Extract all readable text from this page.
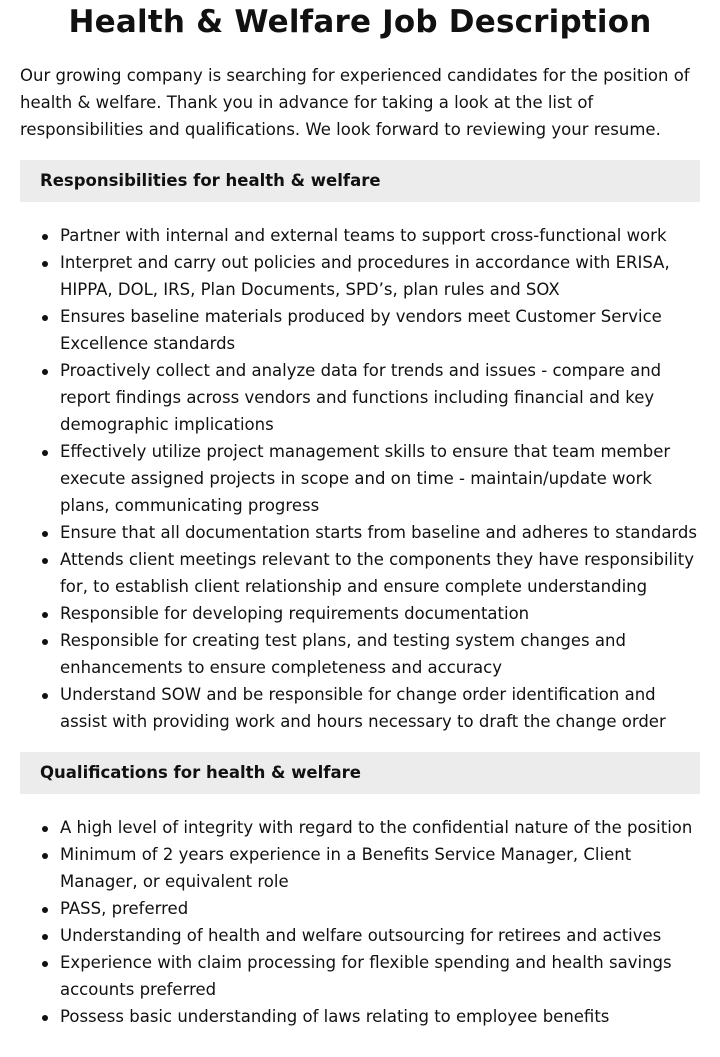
Health & Welfare Job Description

Our growing company is searching for experienced candidates for the position of health & welfare. Thank you in advance for taking a look at the list of responsibilities and qualifications. We look forward to reviewing your resume.

Responsibilities for health & welfare
Partner with internal and external teams to support cross-functional work
Interpret and carry out policies and procedures in accordance with ERISA, HIPPA, DOL, IRS, Plan Documents, SPD’s, plan rules and SOX
Ensures baseline materials produced by vendors meet Customer Service Excellence standards
Proactively collect and analyze data for trends and issues - compare and report findings across vendors and functions including financial and key demographic implications
Effectively utilize project management skills to ensure that team member execute assigned projects in scope and on time - maintain/update work plans, communicating progress
Ensure that all documentation starts from baseline and adheres to standards
Attends client meetings relevant to the components they have responsibility for, to establish client relationship and ensure complete understanding
Responsible for developing requirements documentation
Responsible for creating test plans, and testing system changes and enhancements to ensure completeness and accuracy
Understand SOW and be responsible for change order identification and assist with providing work and hours necessary to draft the change order
Qualifications for health & welfare
A high level of integrity with regard to the confidential nature of the position
Minimum of 2 years experience in a Benefits Service Manager, Client Manager, or equivalent role
PASS, preferred
Understanding of health and welfare outsourcing for retirees and actives
Experience with claim processing for flexible spending and health savings accounts preferred
Possess basic understanding of laws relating to employee benefits
